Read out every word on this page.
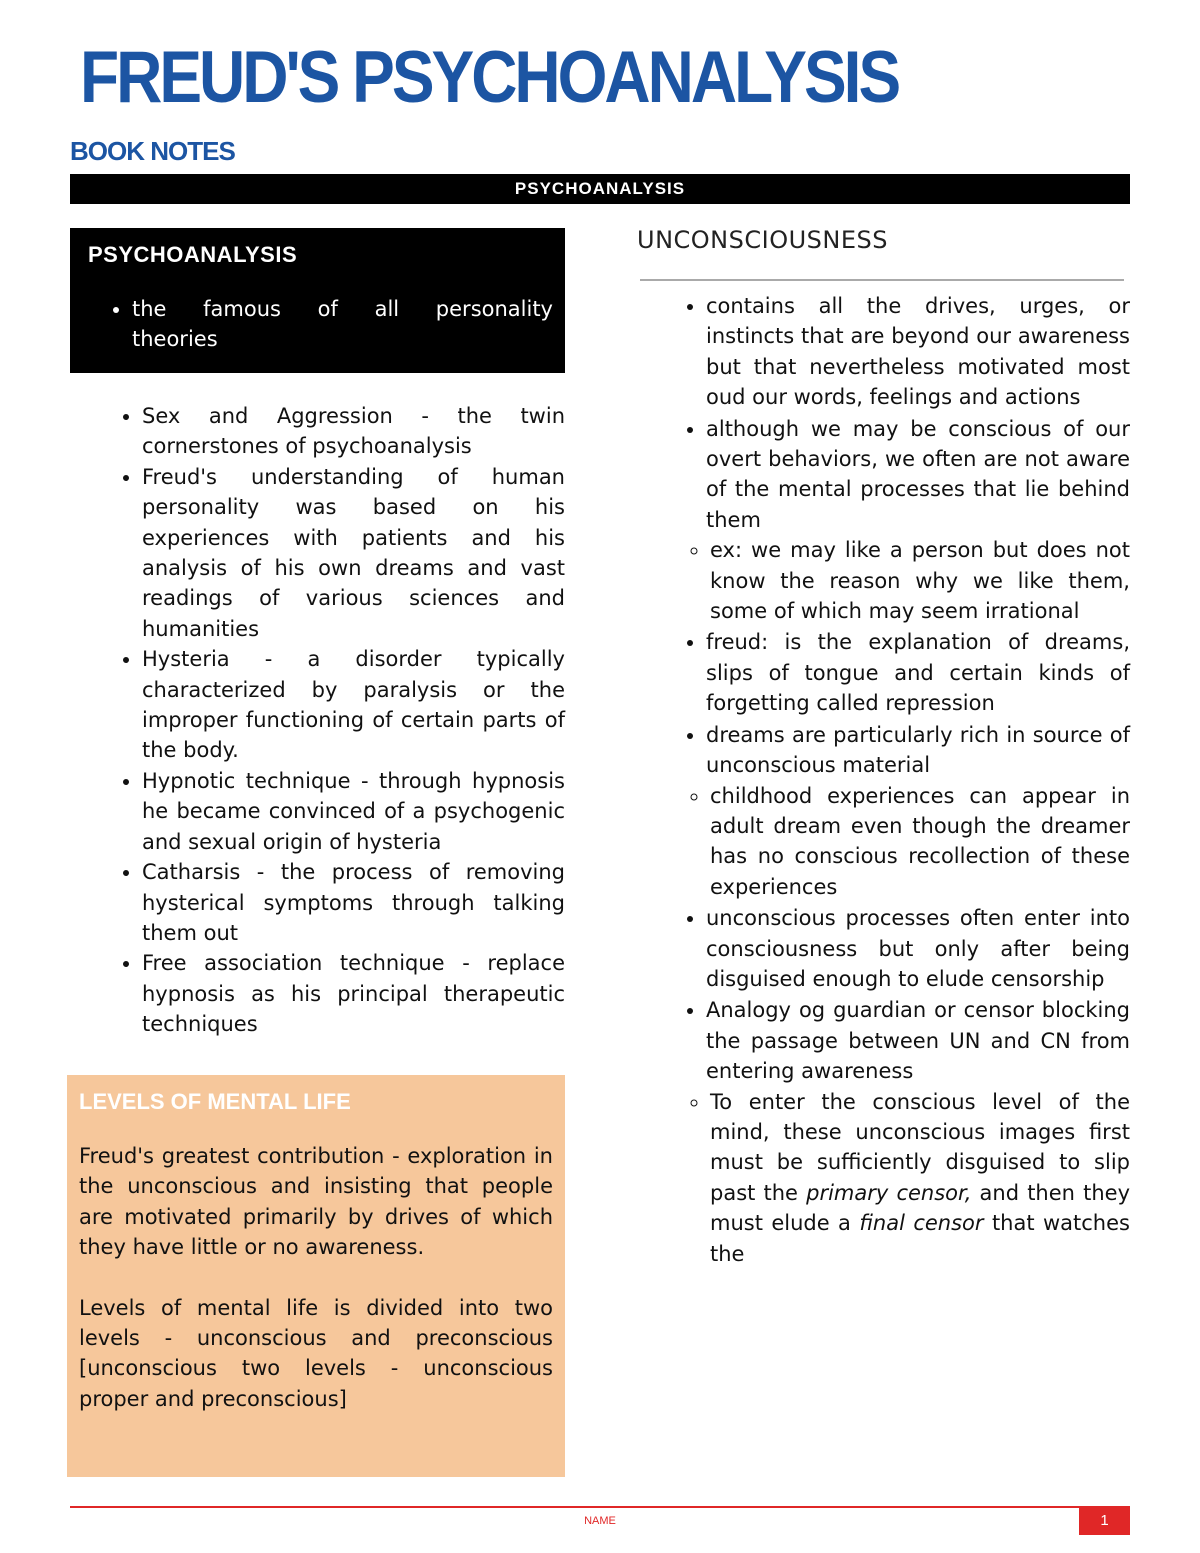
FREUD'S PSYCHOANALYSIS
BOOK NOTES
PSYCHOANALYSIS
PSYCHOANALYSIS
• the famous of all personality theories
• Sex and Aggression - the twin cornerstones of psychoanalysis
• Freud's understanding of human personality was based on his experiences with patients and his analysis of his own dreams and vast readings of various sciences and humanities
• Hysteria - a disorder typically characterized by paralysis or the improper functioning of certain parts of the body.
• Hypnotic technique - through hypnosis he became convinced of a psychogenic and sexual origin of hysteria
• Catharsis - the process of removing hysterical symptoms through talking them out
• Free association technique - replace hypnosis as his principal therapeutic techniques
LEVELS OF MENTAL LIFE

Freud's greatest contribution - exploration in the unconscious and insisting that people are motivated primarily by drives of which they have little or no awareness.

Levels of mental life is divided into two levels - unconscious and preconscious [unconscious two levels - unconscious proper and preconscious]

UNCONSCIOUSNESS
• contains all the drives, urges, or instincts that are beyond our awareness but that nevertheless motivated most oud our words, feelings and actions
• although we may be conscious of our overt behaviors, we often are not aware of the mental processes that lie behind them
◦ ex: we may like a person but does not know the reason why we like them, some of which may seem irrational
• freud: is the explanation of dreams, slips of tongue and certain kinds of forgetting called repression
• dreams are particularly rich in source of unconscious material
◦ childhood experiences can appear in adult dream even though the dreamer has no conscious recollection of these experiences
• unconscious processes often enter into consciousness but only after being disguised enough to elude censorship
• Analogy og guardian or censor blocking the passage between UN and CN from entering awareness
◦ To enter the conscious level of the mind, these unconscious images first must be sufficiently disguised to slip past the primary censor, and then they must elude a final censor that watches the
NAME	1
